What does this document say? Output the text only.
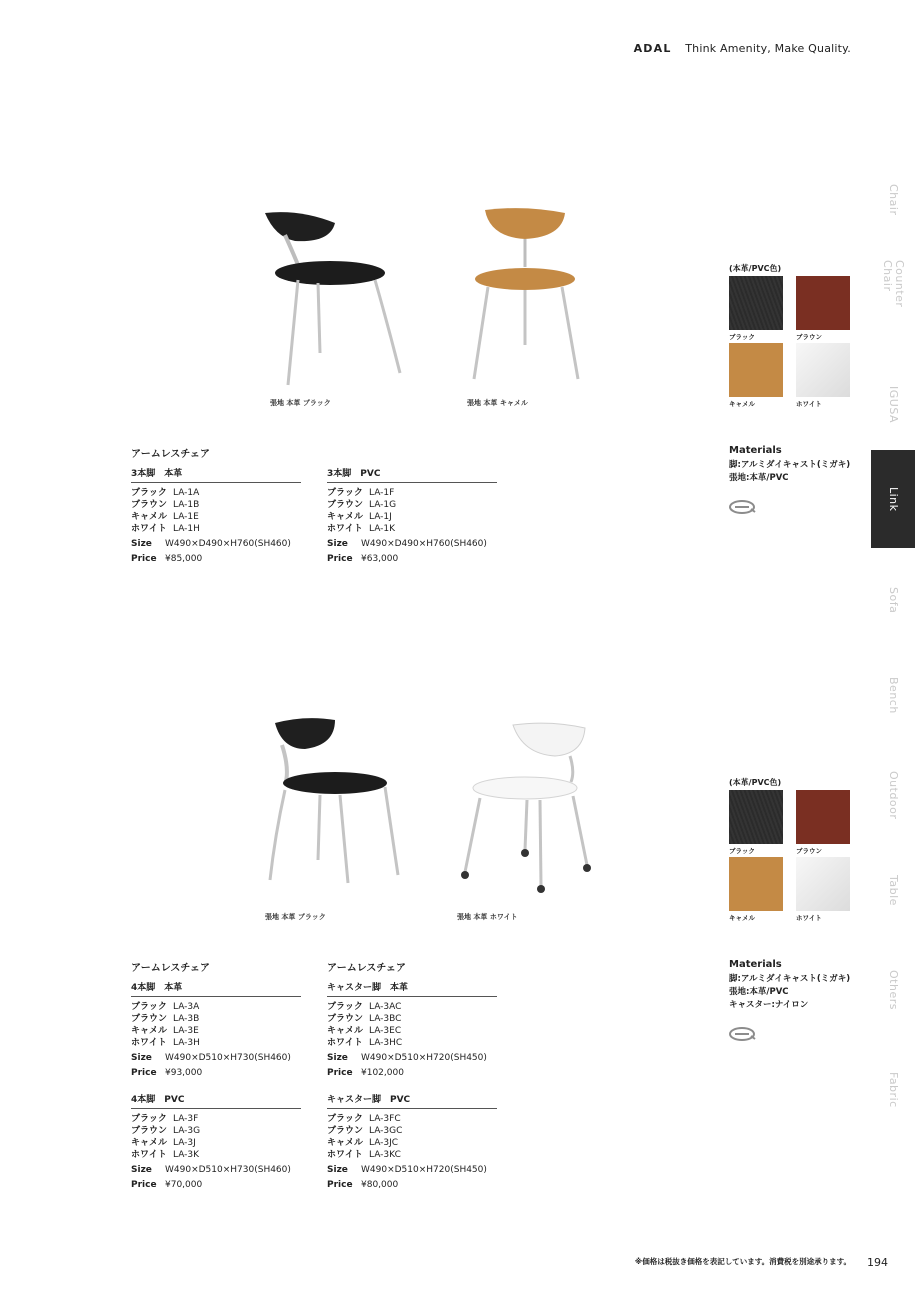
ADAL Think Amenity, Make Quality.
Chair
Counter Chair
IGUSA
Link
Sofa
Bench
Outdoor
Table
Others
Fabric
張地 本革 ブラック	張地 本革 キャメル
アームレスチェア
3本脚　本革
ブラック LA-1A
ブラウン LA-1B
キャメル LA-1E
ホワイト LA-1H
Size W490×D490×H760(SH460)
Price ¥85,000
3本脚　PVC
ブラック LA-1F
ブラウン LA-1G
キャメル LA-1J
ホワイト LA-1K
Size W490×D490×H760(SH460)
Price ¥63,000
(本革/PVC色)
ブラック	ブラウン
キャメル	ホワイト
Materials
脚:アルミダイキャスト(ミガキ)
張地:本革/PVC
張地 本革 ブラック	張地 本革 ホワイト
アームレスチェア	アームレスチェア
4本脚　本革
ブラック LA-3A
ブラウン LA-3B
キャメル LA-3E
ホワイト LA-3H
Size W490×D510×H730(SH460)
Price ¥93,000
キャスター脚　本革
ブラック LA-3AC
ブラウン LA-3BC
キャメル LA-3EC
ホワイト LA-3HC
Size W490×D510×H720(SH450)
Price ¥102,000
4本脚　PVC
ブラック LA-3F
ブラウン LA-3G
キャメル LA-3J
ホワイト LA-3K
Size W490×D510×H730(SH460)
Price ¥70,000
キャスター脚　PVC
ブラック LA-3FC
ブラウン LA-3GC
キャメル LA-3JC
ホワイト LA-3KC
Size W490×D510×H720(SH450)
Price ¥80,000
(本革/PVC色)
ブラック	ブラウン
キャメル	ホワイト
Materials
脚:アルミダイキャスト(ミガキ)
張地:本革/PVC
キャスター:ナイロン
※価格は税抜き価格を表記しています。消費税を別途承ります。 194
